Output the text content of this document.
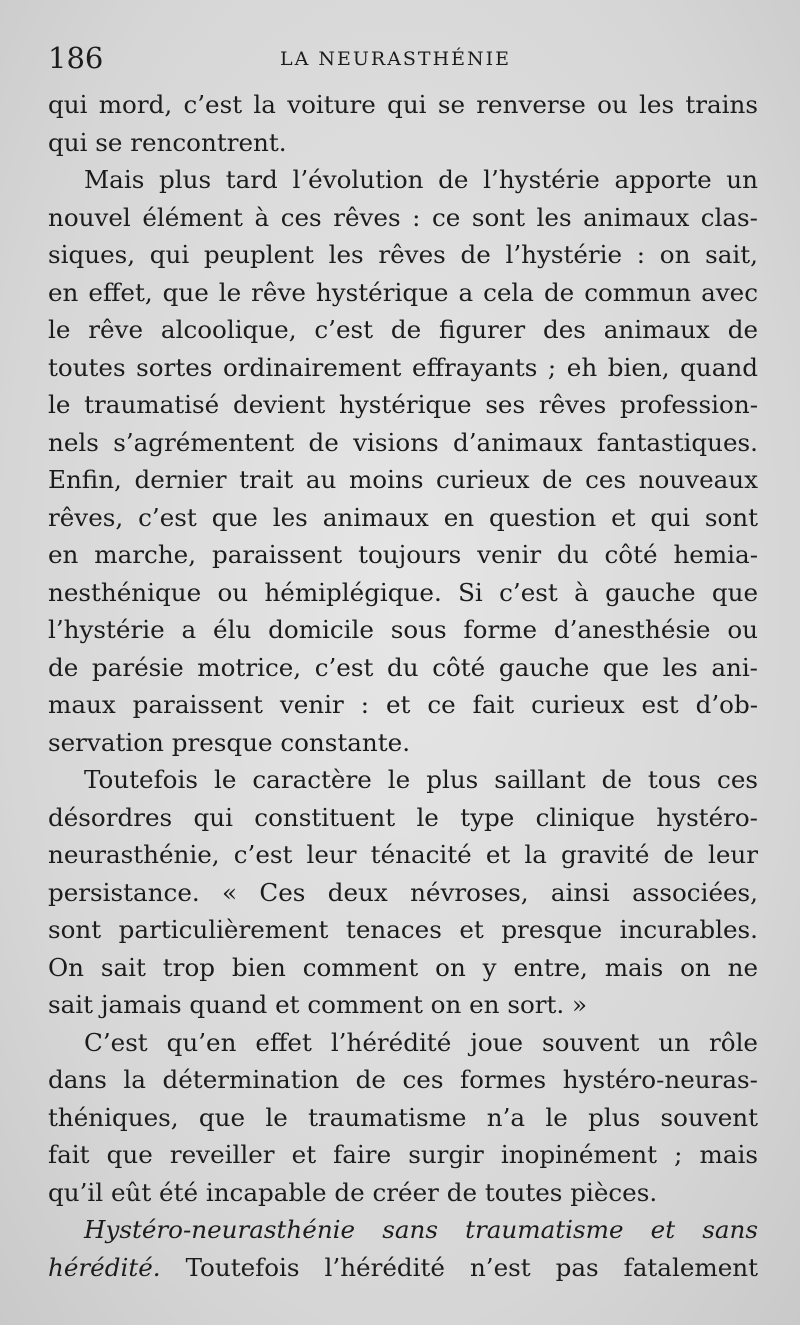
186	LA NEURASTHÉNIE
qui mord, c’est la voiture qui se renverse ou les trains
qui se rencontrent.
Mais plus tard l’évolution de l’hystérie apporte un
nouvel élément à ces rêves : ce sont les animaux clas-
siques, qui peuplent les rêves de l’hystérie : on sait,
en effet, que le rêve hystérique a cela de commun avec
le rêve alcoolique, c’est de figurer des animaux de
toutes sortes ordinairement effrayants ; eh bien, quand
le traumatisé devient hystérique ses rêves profession-
nels s’agrémentent de visions d’animaux fantastiques.
Enfin, dernier trait au moins curieux de ces nouveaux
rêves, c’est que les animaux en question et qui sont
en marche, paraissent toujours venir du côté hemia-
nesthénique ou hémiplégique. Si c’est à gauche que
l’hystérie a élu domicile sous forme d’anesthésie ou
de parésie motrice, c’est du côté gauche que les ani-
maux paraissent venir : et ce fait curieux est d’ob-
servation presque constante.
Toutefois le caractère le plus saillant de tous ces
désordres qui constituent le type clinique hystéro-
neurasthénie, c’est leur ténacité et la gravité de leur
persistance. « Ces deux névroses, ainsi associées,
sont particulièrement tenaces et presque incurables.
On sait trop bien comment on y entre, mais on ne
sait jamais quand et comment on en sort. »
C’est qu’en effet l’hérédité joue souvent un rôle
dans la détermination de ces formes hystéro-neuras-
théniques, que le traumatisme n’a le plus souvent
fait que reveiller et faire surgir inopinément ; mais
qu’il eût été incapable de créer de toutes pièces.
Hystéro-neurasthénie sans traumatisme et sans
hérédité. Toutefois l’hérédité n’est pas fatalement
